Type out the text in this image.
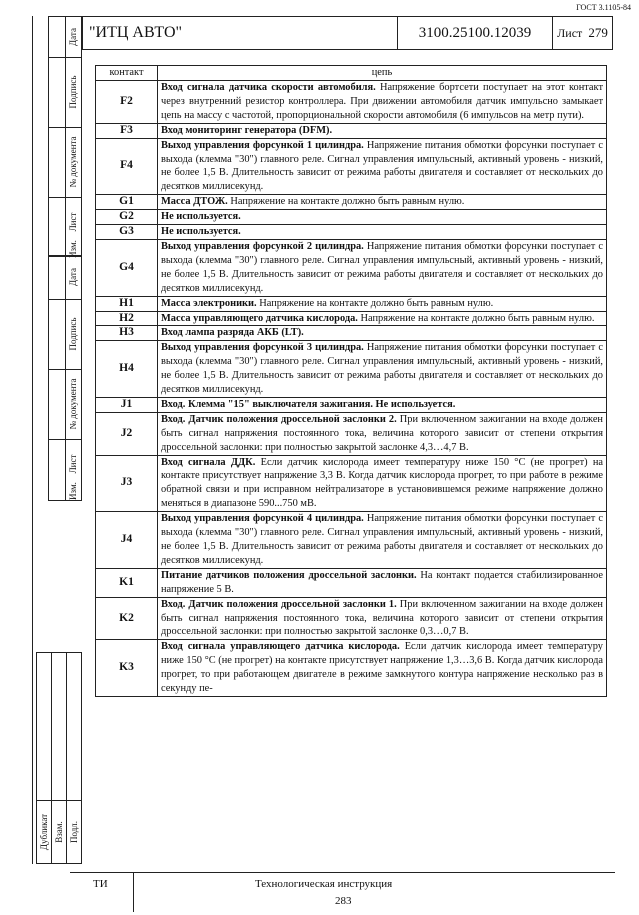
ГОСТ 3.1105-84
"ИТЦ АВТО"	3100.25100.12039	Лист 279
Дата
Подпись
№ документа
Лист
Изм.
Дата
Подпись
№ документа
Лист
Изм.
Дубликат Взам. Подл.
контакт	цепь
F2	Вход сигнала датчика скорости автомобиля. Напряжение бортсети поступает на этот контакт через внутренний резистор контроллера. При движении автомобиля датчик импульсно замыкает цепь на массу с частотой, пропорциональной скорости автомобиля (6 импульсов на метр пути).
F3	Вход мониторинг генератора (DFM).
F4	Выход управления форсункой 1 цилиндра. Напряжение питания обмотки форсунки поступает с выхода (клемма "30") главного реле. Сигнал управления импульсный, активный уровень - низкий, не более 1,5 В. Длительность зависит от режима работы двигателя и составляет от нескольких до десятков миллисекунд.
G1	Масса ДТОЖ. Напряжение на контакте должно быть равным нулю.
G2	Не используется.
G3	Не используется.
G4	Выход управления форсункой 2 цилиндра. Напряжение питания обмотки форсунки поступает с выхода (клемма "30") главного реле. Сигнал управления импульсный, активный уровень - низкий, не более 1,5 В. Длительность зависит от режима работы двигателя и составляет от нескольких до десятков миллисекунд.
H1	Масса электроники. Напряжение на контакте должно быть равным нулю.
H2	Масса управляющего датчика кислорода. Напряжение на контакте должно быть равным нулю.
H3	Вход лампа разряда АКБ (LT).
H4	Выход управления форсункой 3 цилиндра. Напряжение питания обмотки форсунки поступает с выхода (клемма "30") главного реле. Сигнал управления импульсный, активный уровень - низкий, не более 1,5 В. Длительность зависит от режима работы двигателя и составляет от нескольких до десятков миллисекунд.
J1	Вход. Клемма "15" выключателя зажигания. Не используется.
J2	Вход. Датчик положения дроссельной заслонки 2. При включенном зажигании на входе должен быть сигнал напряжения постоянного тока, величина которого зависит от степени открытия дроссельной заслонки: при полностью закрытой заслонке 4,3…4,7 В.
J3	Вход сигнала ДДК. Если датчик кислорода имеет температуру ниже 150 °С (не прогрет) на контакте присутствует напряжение 3,3 В. Когда датчик кислорода прогрет, то при работе в режиме обратной связи и при исправном нейтрализаторе в установившемся режиме напряжение должно меняться в диапазоне 590...750 мВ.
J4	Выход управления форсункой 4 цилиндра. Напряжение питания обмотки форсунки поступает с выхода (клемма "30") главного реле. Сигнал управления импульсный, активный уровень - низкий, не более 1,5 В. Длительность зависит от режима работы двигателя и составляет от нескольких до десятков миллисекунд.
K1	Питание датчиков положения дроссельной заслонки. На контакт подается стабилизированное напряжение 5 В.
K2	Вход. Датчик положения дроссельной заслонки 1. При включенном зажигании на входе должен быть сигнал напряжения постоянного тока, величина которого зависит от степени открытия дроссельной заслонки: при полностью закрытой заслонке 0,3…0,7 В.
K3	Вход сигнала управляющего датчика кислорода. Если датчик кислорода имеет температуру ниже 150 °С (не прогрет) на контакте присутствует напряжение 1,3…3,6 В. Когда датчик кислорода прогрет, то при работающем двигателе в режиме замкнутого контура напряжение несколько раз в секунду пе-
ТИ	Технологическая инструкция
283
